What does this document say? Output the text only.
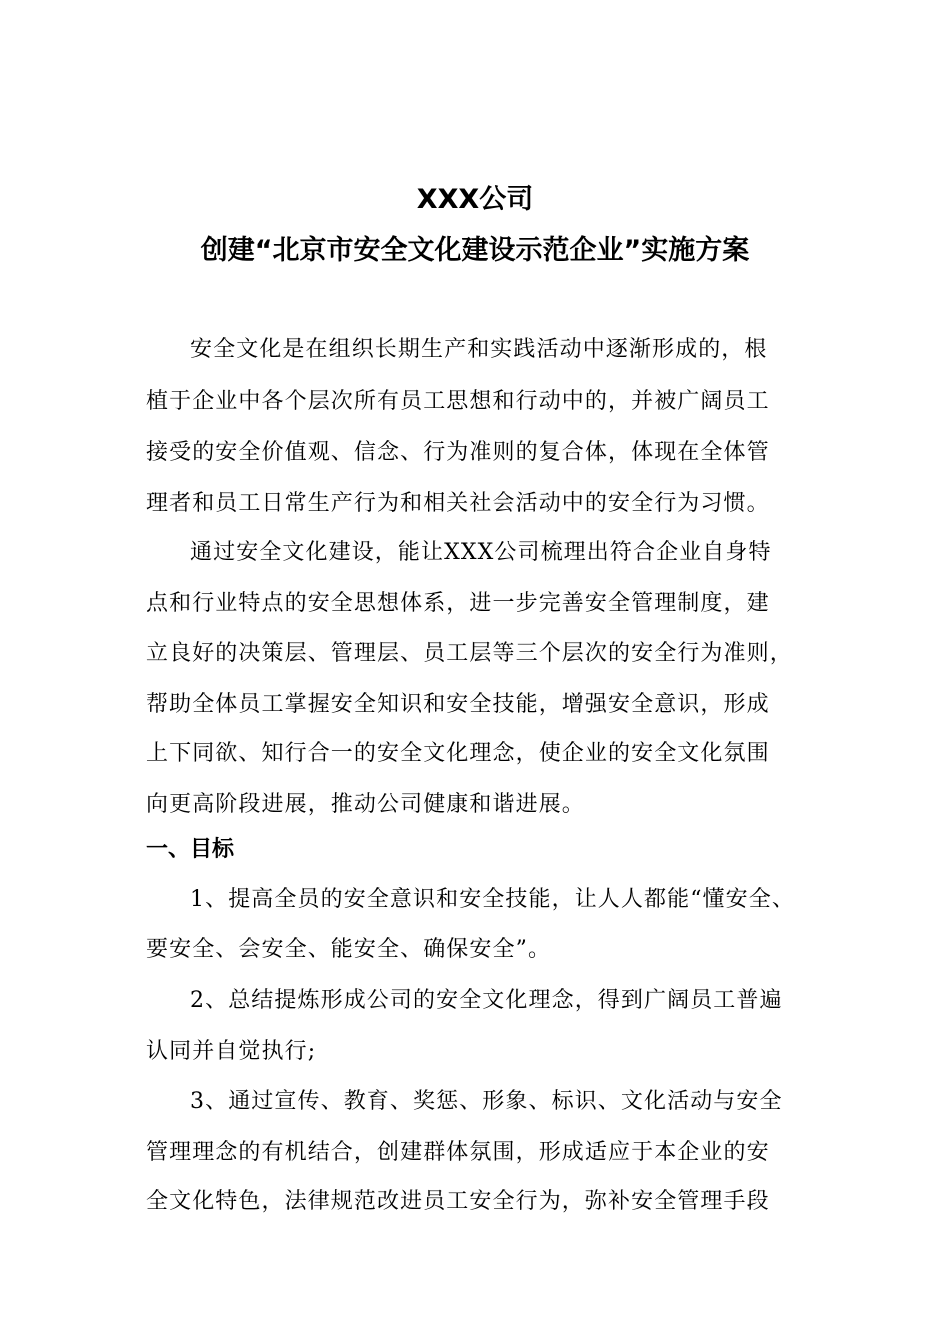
XXX公司
创建“北京市安全文化建设示范企业”实施方案
安全文化是在组织长期生产和实践活动中逐渐形成的，根
植于企业中各个层次所有员工思想和行动中的，并被广阔员工
接受的安全价值观、信念、行为准则的复合体，体现在全体管
理者和员工日常生产行为和相关社会活动中的安全行为习惯。
通过安全文化建设，能让XXX公司梳理出符合企业自身特
点和行业特点的安全思想体系，进一步完善安全管理制度，建
立良好的决策层、管理层、员工层等三个层次的安全行为准则，
帮助全体员工掌握安全知识和安全技能，增强安全意识，形成
上下同欲、知行合一的安全文化理念，使企业的安全文化氛围
向更高阶段进展，推动公司健康和谐进展。
一、目标
1、提高全员的安全意识和安全技能，让人人都能“懂安全、
要安全、会安全、能安全、确保安全”。
2、总结提炼形成公司的安全文化理念，得到广阔员工普遍
认同并自觉执行;
3、通过宣传、教育、奖惩、形象、标识、文化活动与安全
管理理念的有机结合，创建群体氛围，形成适应于本企业的安
全文化特色，法律规范改进员工安全行为，弥补安全管理手段
